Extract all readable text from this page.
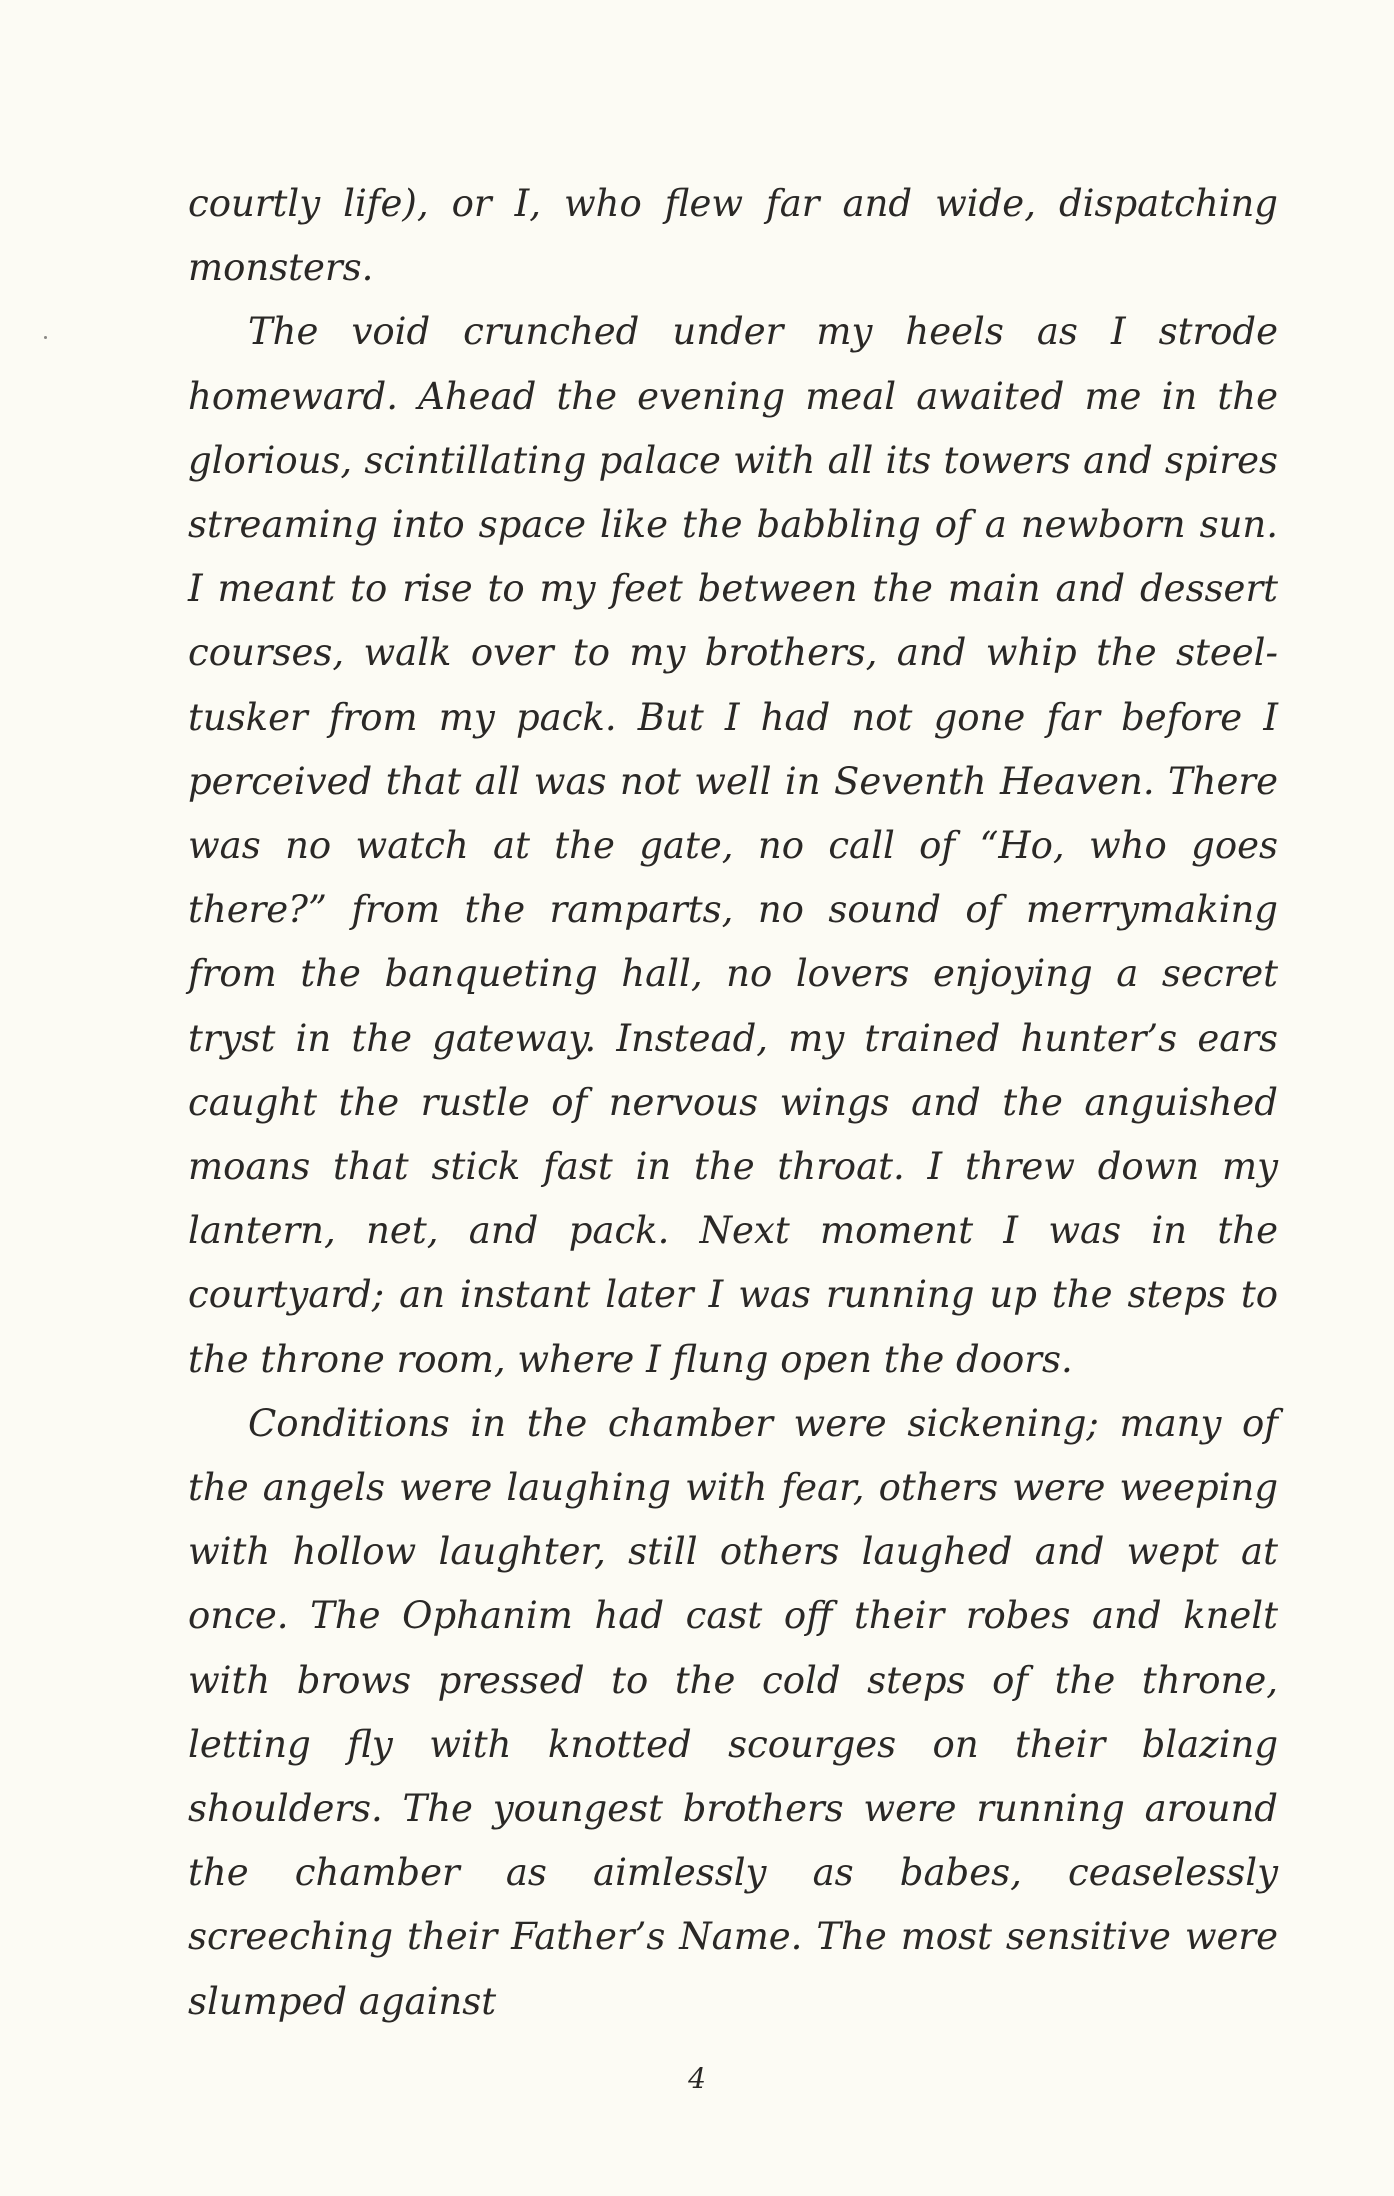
courtly life), or I, who flew far and wide, dispatching monsters.

The void crunched under my heels as I strode homeward. Ahead the evening meal awaited me in the glorious, scintillating palace with all its towers and spires streaming into space like the babbling of a newborn sun. I meant to rise to my feet between the main and dessert courses, walk over to my brothers, and whip the steel-tusker from my pack. But I had not gone far before I perceived that all was not well in Seventh Heaven. There was no watch at the gate, no call of “Ho, who goes there?” from the ramparts, no sound of merrymaking from the banqueting hall, no lovers enjoying a secret tryst in the gateway. Instead, my trained hunter’s ears caught the rustle of nervous wings and the anguished moans that stick fast in the throat. I threw down my lantern, net, and pack. Next moment I was in the courtyard; an instant later I was running up the steps to the throne room, where I flung open the doors.

Conditions in the chamber were sickening; many of the angels were laughing with fear, others were weeping with hollow laughter, still others laughed and wept at once. The Ophanim had cast off their robes and knelt with brows pressed to the cold steps of the throne, letting fly with knotted scourges on their blazing shoulders. The youngest brothers were running around the chamber as aimlessly as babes, ceaselessly screeching their Father’s Name. The most sensitive were slumped against

4
